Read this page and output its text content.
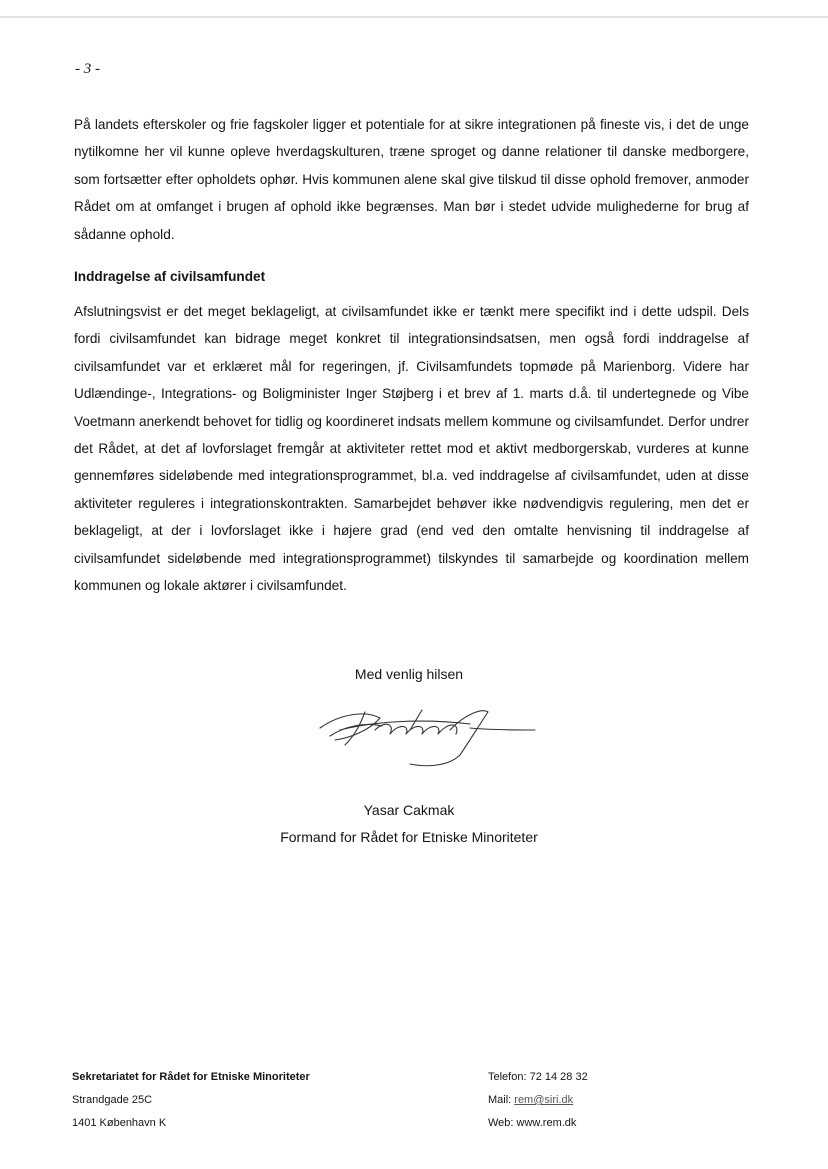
- 3 -

På landets efterskoler og frie fagskoler ligger et potentiale for at sikre integrationen på fineste vis, i det de unge nytilkomne her vil kunne opleve hverdagskulturen, træne sproget og danne relationer til danske medborgere, som fortsætter efter opholdets ophør. Hvis kommunen alene skal give tilskud til disse ophold fremover, anmoder Rådet om at omfanget i brugen af ophold ikke begrænses. Man bør i stedet udvide mulighederne for brug af sådanne ophold.

Inddragelse af civilsamfundet

Afslutningsvist er det meget beklageligt, at civilsamfundet ikke er tænkt mere specifikt ind i dette udspil. Dels fordi civilsamfundet kan bidrage meget konkret til integrationsindsatsen, men også fordi inddragelse af civilsamfundet var et erklæret mål for regeringen, jf. Civilsamfundets topmøde på Marienborg. Videre har Udlændinge-, Integrations- og Boligminister Inger Støjberg i et brev af 1. marts d.å. til undertegnede og Vibe Voetmann anerkendt behovet for tidlig og koordineret indsats mellem kommune og civilsamfundet. Derfor undrer det Rådet, at det af lovforslaget fremgår at aktiviteter rettet mod et aktivt medborgerskab, vurderes at kunne gennemføres sideløbende med integrationsprogrammet, bl.a. ved inddragelse af civilsamfundet, uden at disse aktiviteter reguleres i integrationskontrakten. Samarbejdet behøver ikke nødvendigvis regulering, men det er beklageligt, at der i lovforslaget ikke i højere grad (end ved den omtalte henvisning til inddragelse af civilsamfundet sideløbende med integrationsprogrammet) tilskyndes til samarbejde og koordination mellem kommunen og lokale aktører i civilsamfundet.

Med venlig hilsen

Yasar Cakmak

Formand for Rådet for Etniske Minoriteter

Sekretariatet for Rådet for Etniske Minoriteter
Strandgade 25C
1401 København K
Telefon: 72 14 28 32
Mail: rem@siri.dk
Web: www.rem.dk
